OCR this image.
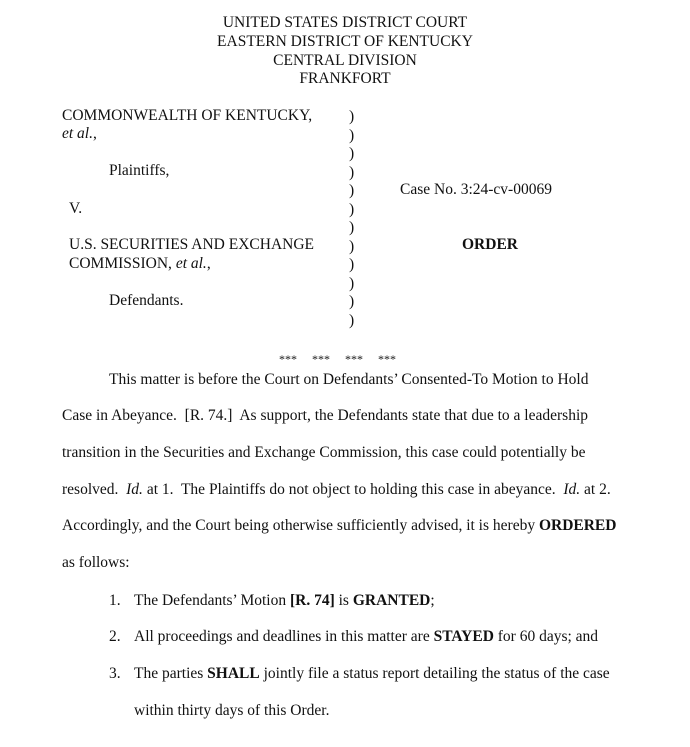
UNITED STATES DISTRICT COURT
EASTERN DISTRICT OF KENTUCKY
CENTRAL DIVISION
FRANKFORT
COMMONWEALTH OF KENTUCKY,
et al.,
Plaintiffs,
V.
U.S. SECURITIES AND EXCHANGE
COMMISSION, et al.,
Defendants.
)
)
)
)
)
)
)
)
)
)
)
)
Case No. 3:24-cv-00069
ORDER
*** *** *** ***
This matter is before the Court on Defendants’ Consented-To Motion to Hold
Case in Abeyance.  [R. 74.]  As support, the Defendants state that due to a leadership
transition in the Securities and Exchange Commission, this case could potentially be
resolved.  Id. at 1.  The Plaintiffs do not object to holding this case in abeyance.  Id. at 2.
Accordingly, and the Court being otherwise sufficiently advised, it is hereby ORDERED
as follows:
1. The Defendants’ Motion [R. 74] is GRANTED;
2. All proceedings and deadlines in this matter are STAYED for 60 days; and
3. The parties SHALL jointly file a status report detailing the status of the case
within thirty days of this Order.
